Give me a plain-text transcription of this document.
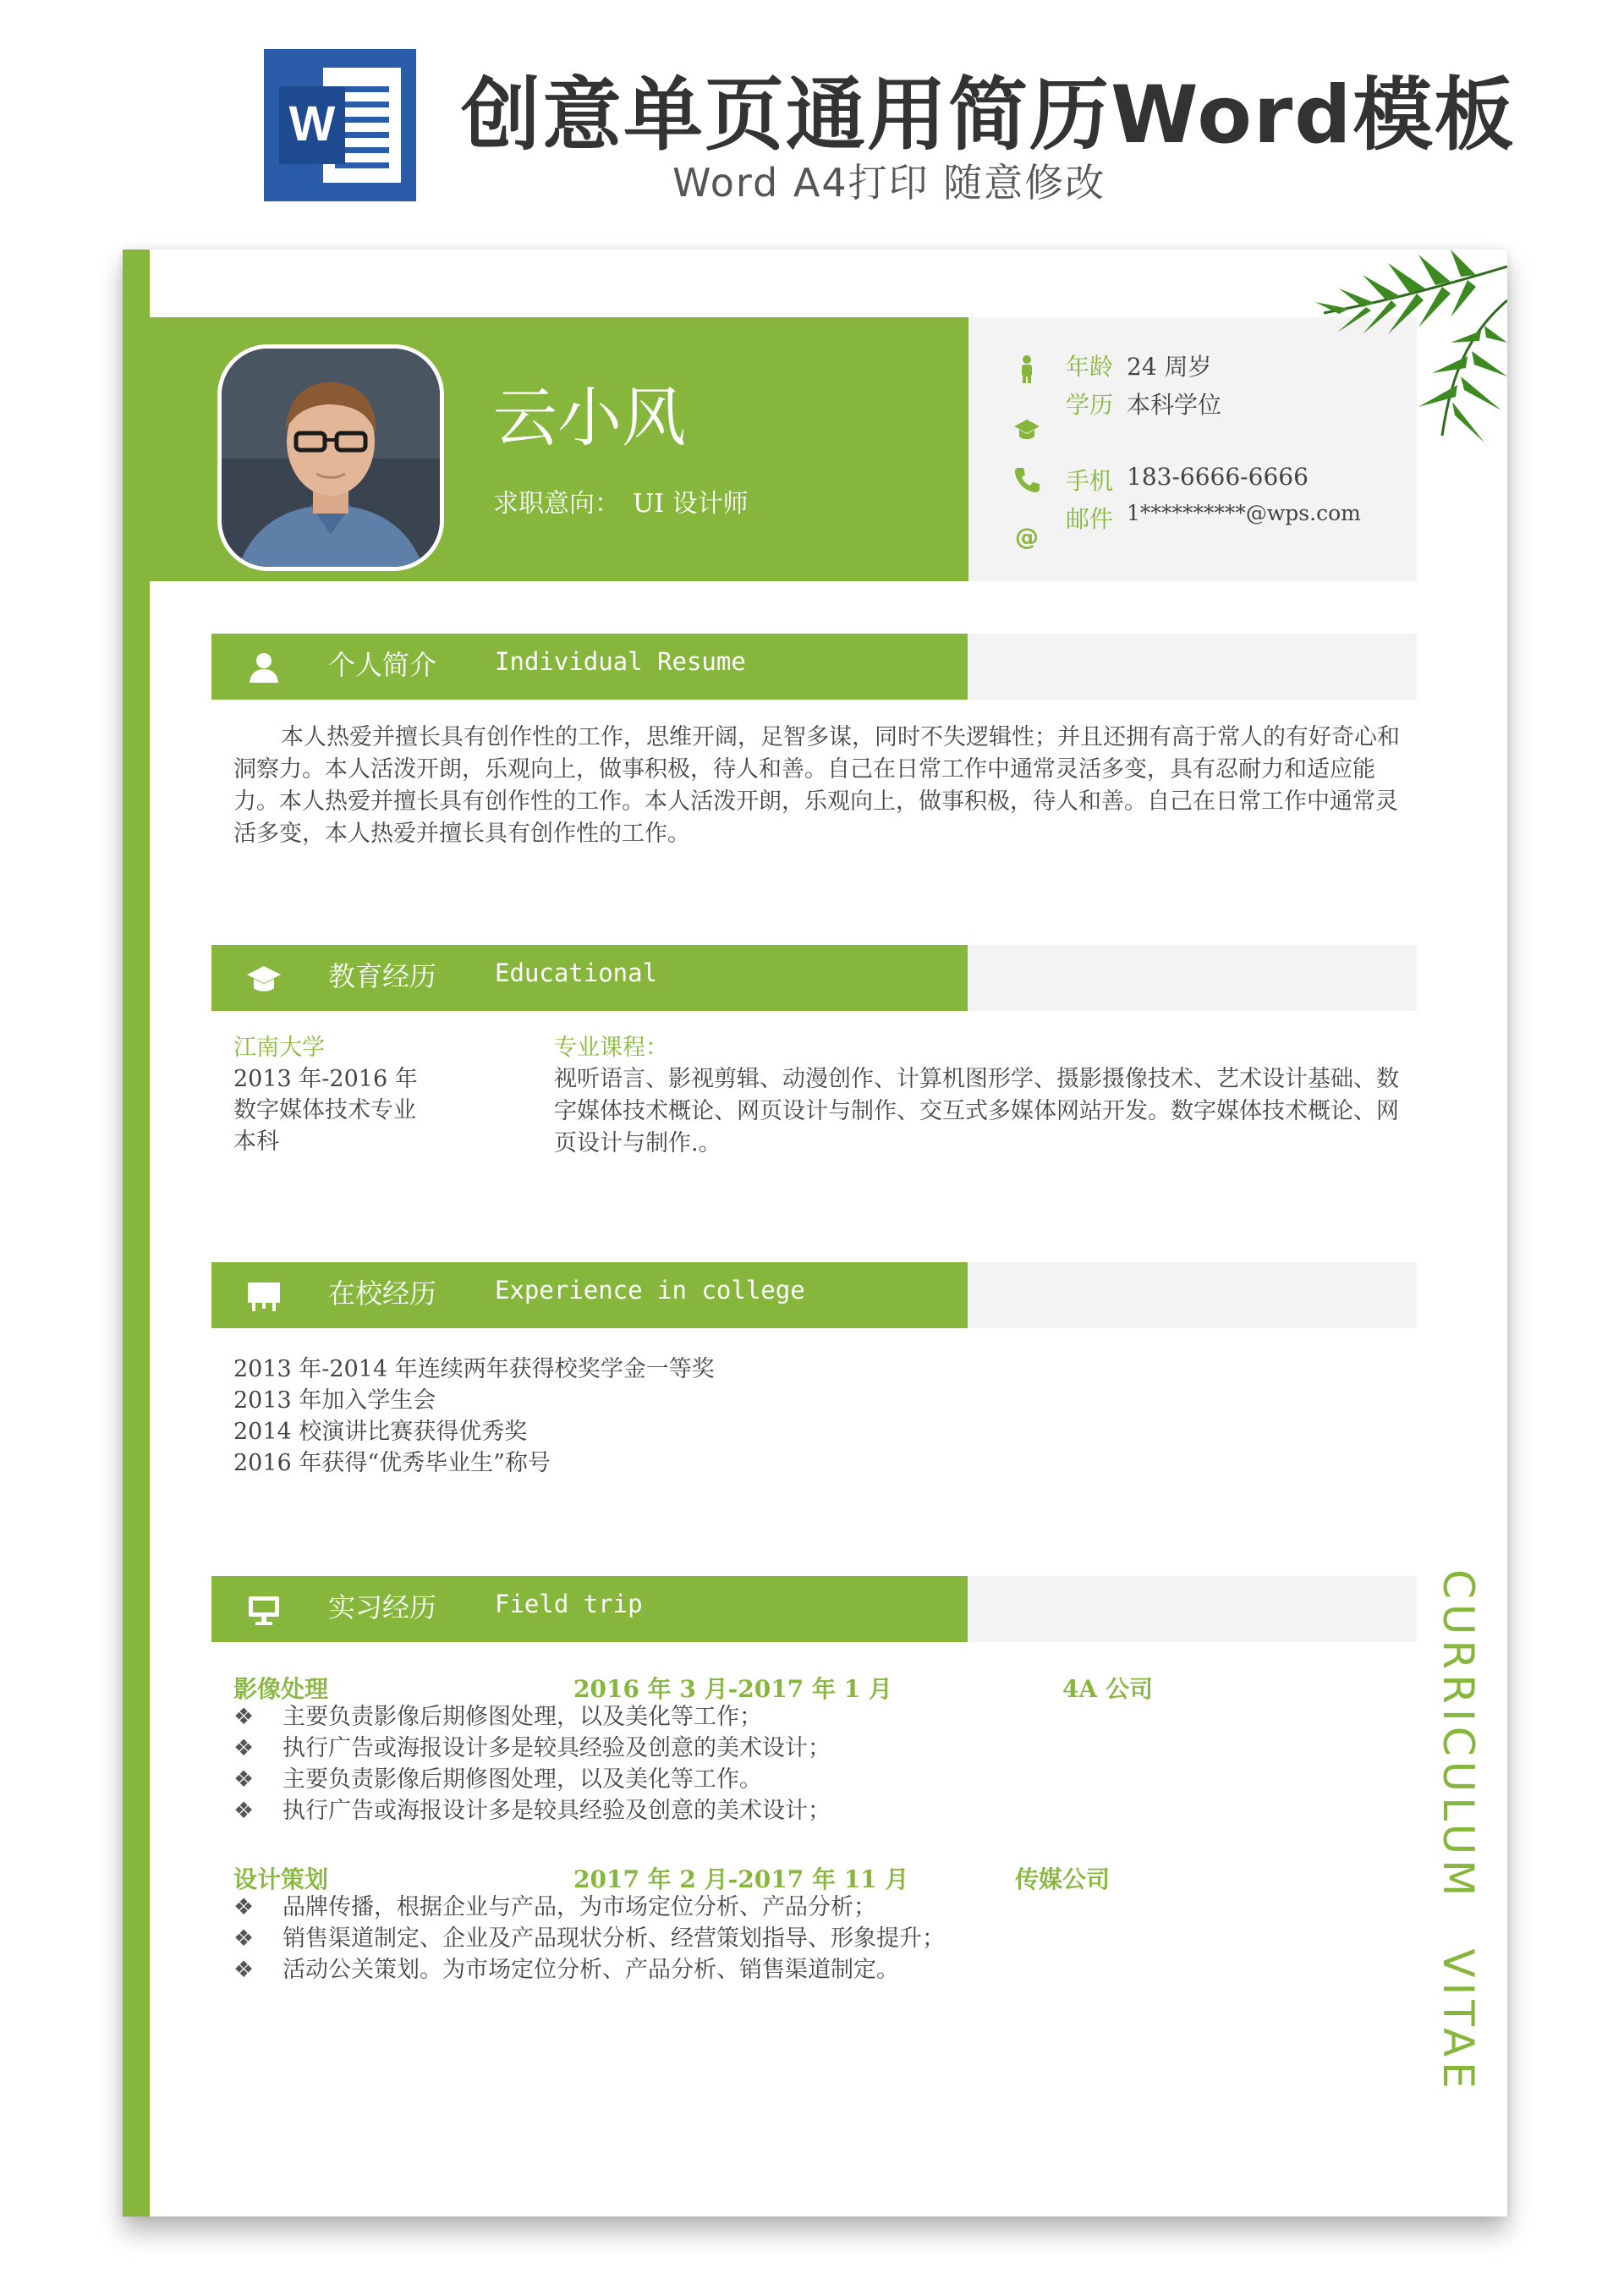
W 创意单页通用简历Word模板
Word A4打印 随意修改
云小风
求职意向：　UI 设计师
@
年龄 24 周岁
学历 本科学位
手机 183-6666-6666
邮件 1**********@wps.com
个人简介 Individual Resume
本人热爱并擅长具有创作性的工作，思维开阔，足智多谋，同时不失逻辑性；并且还拥有高于常人的有好奇心和洞察力。本人活泼开朗，乐观向上，做事积极，待人和善。自己在日常工作中通常灵活多变，具有忍耐力和适应能力。本人热爱并擅长具有创作性的工作。本人活泼开朗，乐观向上，做事积极，待人和善。自己在日常工作中通常灵活多变，本人热爱并擅长具有创作性的工作。
教育经历 Educational
江南大学
2013 年-2016 年
数字媒体技术专业
本科
专业课程：
视听语言、影视剪辑、动漫创作、计算机图形学、摄影摄像技术、艺术设计基础、数字媒体技术概论、网页设计与制作、交互式多媒体网站开发。数字媒体技术概论、网页设计与制作.。
在校经历 Experience in college
2013 年-2014 年连续两年获得校奖学金一等奖
2013 年加入学生会
2014 校演讲比赛获得优秀奖
2016 年获得“优秀毕业生”称号
实习经历 Field trip
影像处理	2016 年 3 月-2017 年 1 月	4A 公司
❖ 主要负责影像后期修图处理，以及美化等工作；
❖ 执行广告或海报设计多是较具经验及创意的美术设计；
❖ 主要负责影像后期修图处理，以及美化等工作。
❖ 执行广告或海报设计多是较具经验及创意的美术设计；
设计策划	2017 年 2 月-2017 年 11 月	传媒公司
❖ 品牌传播，根据企业与产品，为市场定位分析、产品分析；
❖ 销售渠道制定、企业及产品现状分析、经营策划指导、形象提升；
❖ 活动公关策划。为市场定位分析、产品分析、销售渠道制定。	CURRICULUM　VITAE
